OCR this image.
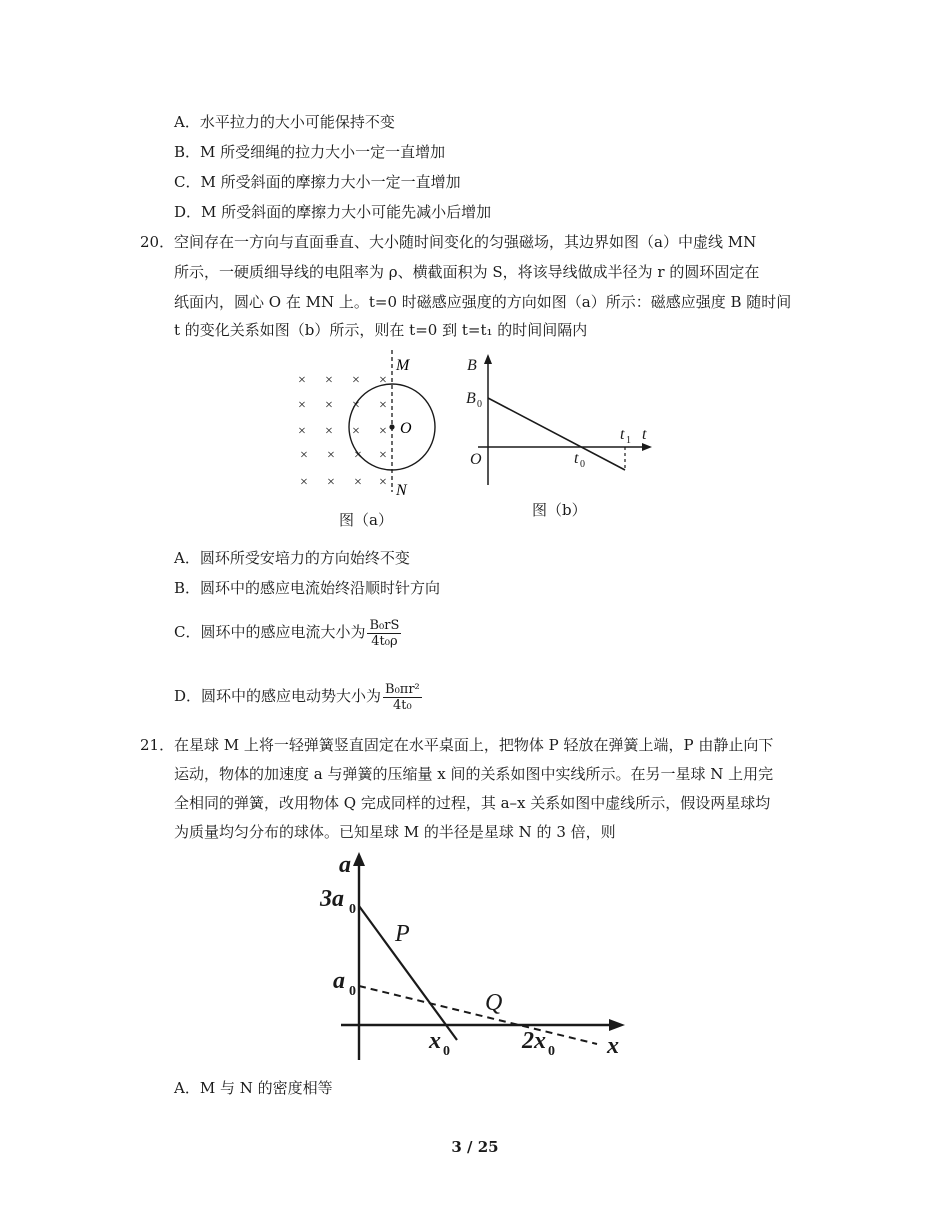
A．水平拉力的大小可能保持不变
B．M 所受细绳的拉力大小一定一直增加
C．M 所受斜面的摩擦力大小一定一直增加
D．M 所受斜面的摩擦力大小可能先减小后增加
20． 空间存在一方向与直面垂直、大小随时间变化的匀强磁场，其边界如图（a）中虚线 MN
所示，一硬质细导线的电阻率为 ρ、横截面积为 S，将该导线做成半径为 r 的圆环固定在
纸面内，圆心 O 在 MN 上。t=0 时磁感应强度的方向如图（a）所示：磁感应强度 B 随时间
t 的变化关系如图（b）所示，则在 t=0 到 t=t₁ 的时间间隔内
× × × ×
× × × ×
× × × ×
× × × ×
× × × ×
M
O
N
图（a）
B
B
O
t
t
t
0
0
1
图（b）
A．圆环所受安培力的方向始终不变
B．圆环中的感应电流始终沿顺时针方向
C．圆环中的感应电流大小为 $\frac{\text{B₀rS}}{\text{4t₀ρ}}$
D．圆环中的感应电动势大小为 $\frac{\text{B₀πr²}}{\text{4t₀}}$
21． 在星球 M 上将一轻弹簧竖直固定在水平桌面上，把物体 P 轻放在弹簧上端，P 由静止向下
运动，物体的加速度 a 与弹簧的压缩量 x 间的关系如图中实线所示。在另一星球 N 上用完
全相同的弹簧，改用物体 Q 完成同样的过程，其 a–x 关系如图中虚线所示，假设两星球均
为质量均匀分布的球体。已知星球 M 的半径是星球 N 的 3 倍，则
a
3a
a
P
Q
x	2x	x
0
0
0	0
A．M 与 N 的密度相等
3 / 25
